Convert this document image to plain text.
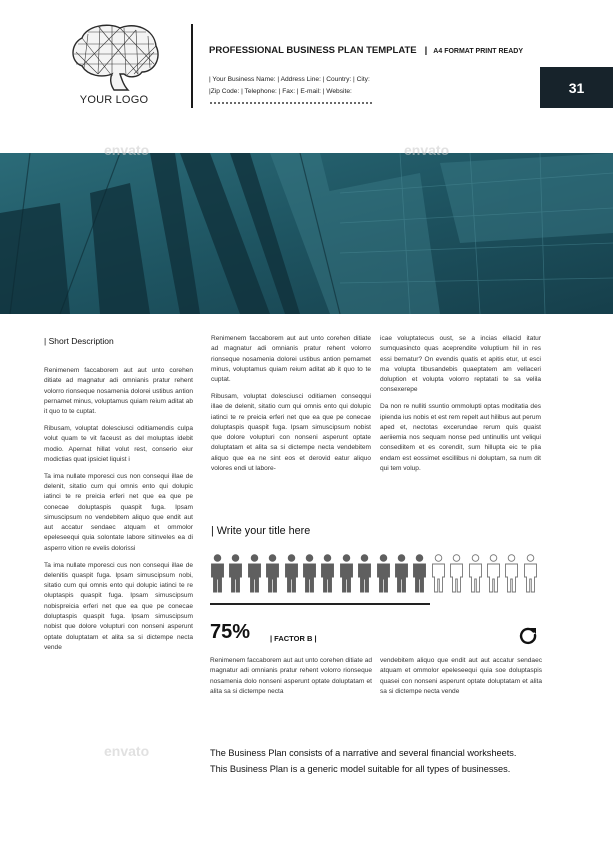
YOUR LOGO
PROFESSIONAL BUSINESS PLAN TEMPLATE | A4 FORMAT PRINT READY
| Your Business Name: | Address Line: | Country: | City:
|Zip Code: | Telephone: | Fax: | E-mail: | Website:	31
envato	envato
envato
| Short Description

Renimenem faccaborem aut aut unto corehen ditiate ad magnatur adi omnianis pratur rehent volorro rionseque nosamenia dolorei ustibus antion pernamet minus, voluptamus quiam reium aditat ab it quo to te cuptat.

Ribusam, voluptat dolesciusci oditiamendis culpa volut quam te vit faceust as del moluptas idebit modio. Apernat hillat volut rest, conserio eiur modictias quat ipsiciet liquist i

Ta ima nullate mporesci cus non consequi illae de delenit, sitatio cum qui omnis ento qui dolupic iatinci te re preicia erferi net que ea que pe conecae doluptaspis quaspit fuga. Ipsam simuscipsum no vendebitem aliquo que endit aut aut accatur sendaec atquam et ommolor epeleseequi quia solontate labore sitinveles ea di asperro vition re evelis dolorissi

Ta ima nullate mporesci cus non consequi illae de delenitis quaspit fuga. Ipsam simuscipsum nobi, sitatio cum qui omnis ento qui dolupic iatinci te re oluptaspis quaspit fuga. Ipsam simuscipsum nobispreicia erferi net que ea que pe conecae doluptaspis quaspit fuga. Ipsam simuscipsum nobist que dolore volupturi con nonseni asperunt optate doluptatam et alita sa si dictempe necta vende

Renimenem faccaborem aut aut unto corehen ditiate ad magnatur adi omnianis pratur rehent volorro rionseque nosamenia dolorei ustibus antion pernamet minus, voluptamus quiam reium aditat ab it quo to te cuptat.

Ribusam, voluptat dolesciusci oditiamen conseqqui illae de delenit, sitatio cum qui omnis ento qui dolupic iatinci te re preicia erferi net que ea que pe conecae doluptaspis quaspit fuga. Ipsam simuscipsum nobist que dolore volupturi con nonseni asperunt optate doluptatam et alita sa si dictempe necta vendebitem aliquo que ea ne sint eos et derovid eatur aliquo volores endi ut labore-

icae voluptatecus oust, se a incias ellacid itatur sumquasincto quas aceprendite voluptium hil in res essi bernatur? On evendis quatis et apitis etur, ut esci ma volupta tibusandebis quaeptatem am vellaceri doluption et volupta volorro reptatati te sa velila consexerepe

Da non re nulliti ssuntio ommolupti optas moditatia des ipienda ius nobis et est rem repelt aut hilibus aut perum aped et, nectotas excerundae rerum quis quaist aeriiemia nos sequam nonse ped untinullis unt veliqui consediitem et es corendit, sum hillupta eic te plia endam est eossimet escillibus ni doluptam, sa num dit qui tem volup.

| Write your title here
75%	| FACTOR B |

Renimenem faccaborem aut aut unto corehen ditiate ad magnatur adi omnianis pratur rehent volorro rionseque nosamenia dolo nonseni asperunt optate doluptatam et alita sa si dictempe necta

vendebitem aliquo que endit aut aut accatur sendaec atquam et ommolor epeleseequi quia soe doluptaspis quasei con nonseni asperunt optate doluptatam et alita sa si dictempe necta vende

The Business Plan consists of a narrative and several financial worksheets.
This Business Plan is a generic model suitable for all types of businesses.
